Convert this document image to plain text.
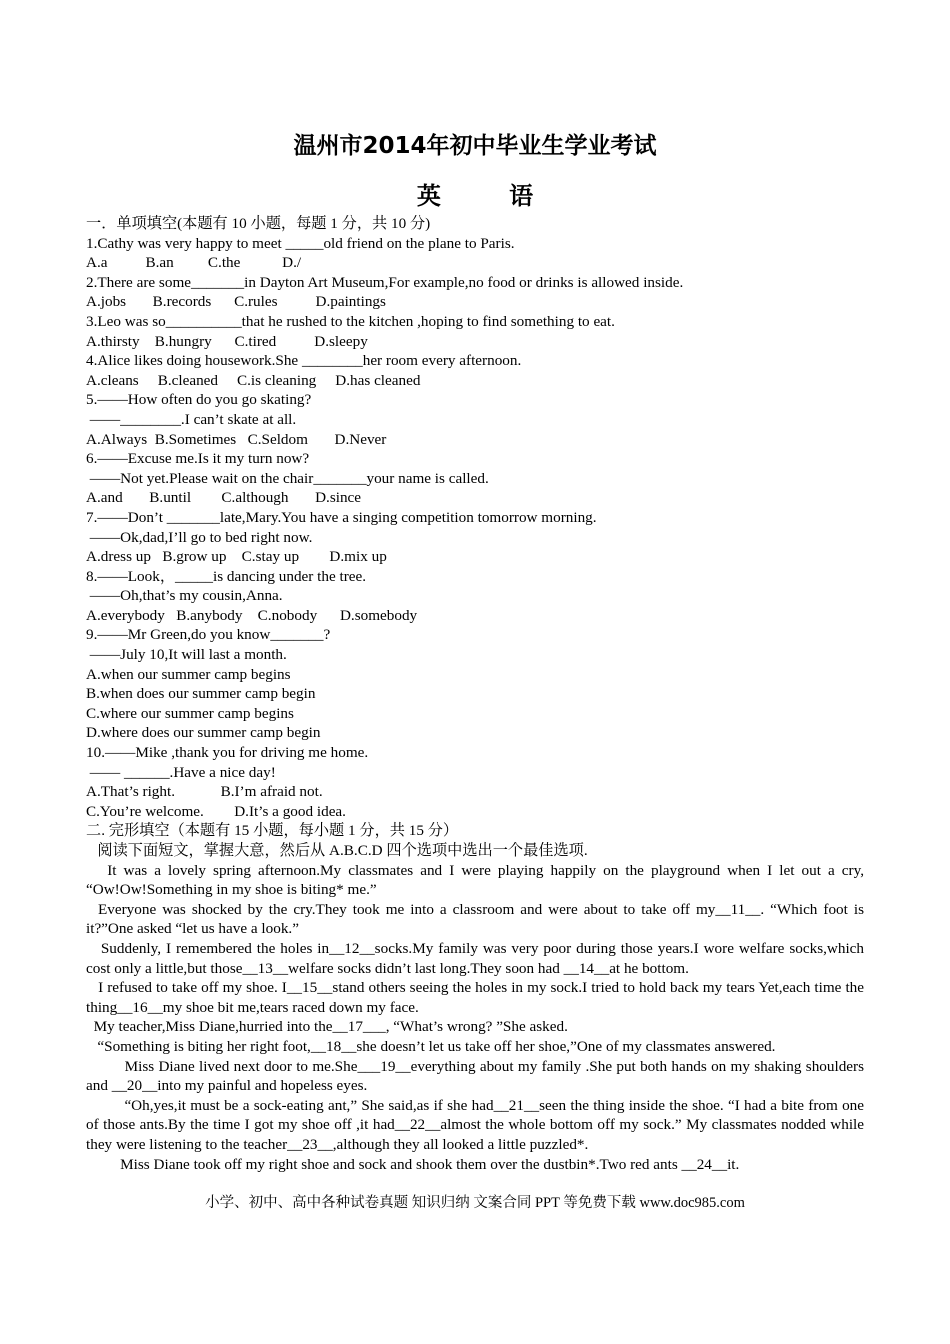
温州市2014年初中毕业生学业考试
英 语
一．单项填空(本题有 10 小题，每题 1 分，共 10 分)
1.Cathy was very happy to meet _____old friend on the plane to Paris.
A.a          B.an         C.the           D./
2.There are some_______in Dayton Art Museum,For example,no food or drinks is allowed inside.
A.jobs       B.records      C.rules          D.paintings
3.Leo was so__________that he rushed to the kitchen ,hoping to find something to eat.
A.thirsty    B.hungry      C.tired          D.sleepy
4.Alice likes doing housework.She ________her room every afternoon.
A.cleans     B.cleaned     C.is cleaning     D.has cleaned
5.——How often do you go skating?
——________.I can’t skate at all.
A.Always  B.Sometimes   C.Seldom       D.Never
6.——Excuse me.Is it my turn now?
——Not yet.Please wait on the chair_______your name is called.
A.and       B.until        C.although       D.since
7.——Don’t _______late,Mary.You have a singing competition tomorrow morning.
——Ok,dad,I’ll go to bed right now.
A.dress up   B.grow up    C.stay up        D.mix up
8.——Look，_____is dancing under the tree.
——Oh,that’s my cousin,Anna.
A.everybody   B.anybody    C.nobody      D.somebody
9.——Mr Green,do you know_______?
——July 10,It will last a month.
A.when our summer camp begins
B.when does our summer camp begin
C.where our summer camp begins
D.where does our summer camp begin
10.——Mike ,thank you for driving me home.
—— ______.Have a nice day!
A.That’s right.            B.I’m afraid not.
C.You’re welcome.        D.It’s a good idea.
二. 完形填空（本题有 15 小题，每小题 1 分，共 15 分）
阅读下面短文，掌握大意，然后从 A.B.C.D 四个选项中选出一个最佳选项.
It was a lovely spring afternoon.My classmates and I were playing happily on the playground when I let out a cry, “Ow!Ow!Something in my shoe is biting* me.”
Everyone was shocked by the cry.They took me into a classroom and were about to take off my__11__. “Which foot is it?”One asked “let us have a look.”
Suddenly, I remembered the holes in__12__socks.My family was very poor during those years.I wore welfare socks,which cost only a little,but those__13__welfare socks didn’t last long.They soon had __14__at he bottom.
I refused to take off my shoe. I__15__stand others seeing the holes in my sock.I tried to hold back my tears Yet,each time the thing__16__my shoe bit me,tears raced down my face.
My teacher,Miss Diane,hurried into the__17___, “What’s wrong? ”She asked.
“Something is biting her right foot,__18__she doesn’t let us take off her shoe,”One of my classmates answered.
Miss Diane lived next door to me.She___19__everything about my family .She put both hands on my shaking shoulders and __20__into my painful and hopeless eyes.
“Oh,yes,it must be a sock-eating ant,” She said,as if she had__21__seen the thing inside the shoe. “I had a bite from one of those ants.By the time I got my shoe off ,it had__22__almost the whole bottom off my sock.” My classmates nodded while they were listening to the teacher__23__,although they all looked a little puzzled*.
Miss Diane took off my right shoe and sock and shook them over the dustbin*.Two red ants __24__it.
小学、初中、高中各种试卷真题 知识归纳 文案合同 PPT 等免费下载 www.doc985.com
